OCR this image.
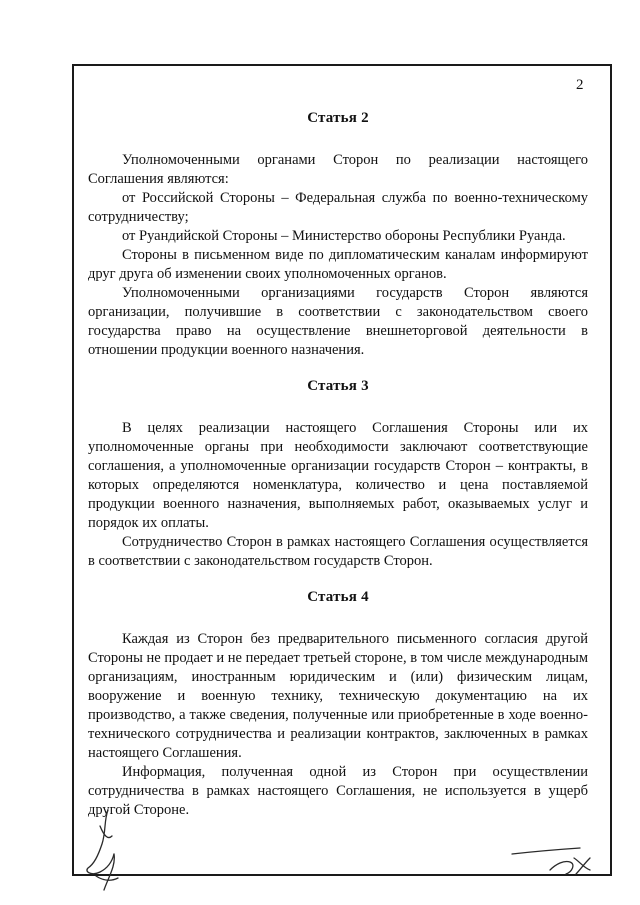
2
Статья 2

Уполномоченными органами Сторон по реализации настоящего Соглашения являются:

от Российской Стороны – Федеральная служба по военно-техническому сотрудничеству;

от Руандийской Стороны – Министерство обороны Республики Руанда.

Стороны в письменном виде по дипломатическим каналам информируют друг друга об изменении своих уполномоченных органов.

Уполномоченными организациями государств Сторон являются организации, получившие в соответствии с законодательством своего государства право на осуществление внешнеторговой деятельности в отношении продукции военного назначения.

Статья 3

В целях реализации настоящего Соглашения Стороны или их уполномоченные органы при необходимости заключают соответствующие соглашения, а уполномоченные организации государств Сторон – контракты, в которых определяются номенклатура, количество и цена поставляемой продукции военного назначения, выполняемых работ, оказываемых услуг и порядок их оплаты.

Сотрудничество Сторон в рамках настоящего Соглашения осуществляется в соответствии с законодательством государств Сторон.

Статья 4

Каждая из Сторон без предварительного письменного согласия другой Стороны не продает и не передает третьей стороне, в том числе международным организациям, иностранным юридическим и (или) физическим лицам, вооружение и военную технику, техническую документацию на их производство, а также сведения, полученные или приобретенные в ходе военно-технического сотрудничества и реализации контрактов, заключенных в рамках настоящего Соглашения.

Информация, полученная одной из Сторон при осуществлении сотрудничества в рамках настоящего Соглашения, не используется в ущерб другой Стороне.
